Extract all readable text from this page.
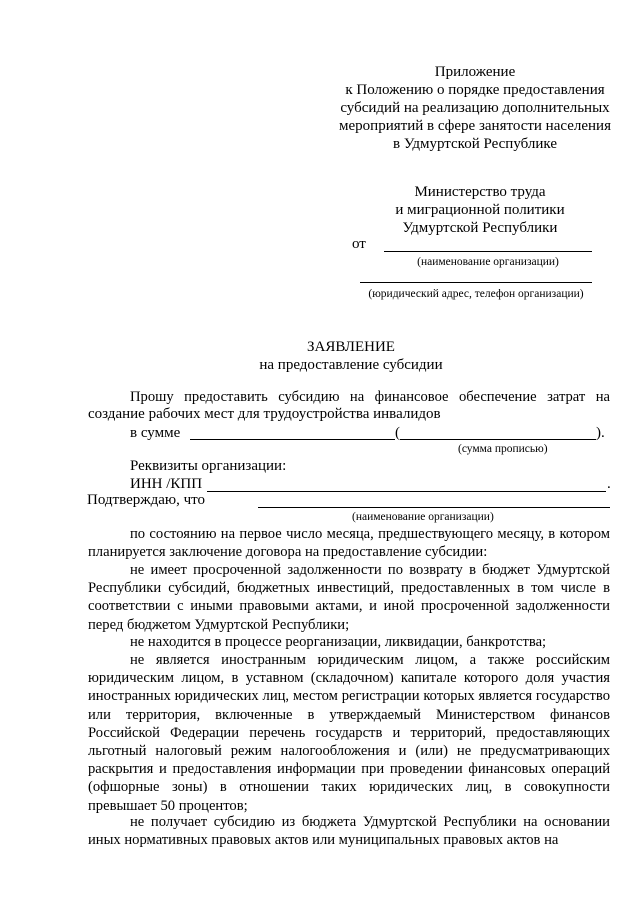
Приложение
к Положению о порядке предоставления
субсидий на реализацию дополнительных
мероприятий в сфере занятости населения
в Удмуртской Республике
Министерство труда
и миграционной политики
Удмуртской Республики
от
(наименование организации)
(юридический адрес, телефон организации)
ЗАЯВЛЕНИЕ
на предоставление субсидии
Прошу предоставить субсидию на финансовое обеспечение затрат на
создание рабочих мест для трудоустройства инвалидов
в сумме	(	).
(сумма прописью)
Реквизиты организации:
ИНН /КПП	.
Подтверждаю, что
(наименование организации)

по состоянию на первое число месяца, предшествующего месяцу, в котором планируется заключение договора на предоставление субсидии:

не имеет просроченной задолженности по возврату в бюджет Удмуртской Республики субсидий, бюджетных инвестиций, предоставленных в том числе в соответствии с иными правовыми актами, и иной просроченной задолженности перед бюджетом Удмуртской Республики;

не находится в процессе реорганизации, ликвидации, банкротства;

не является иностранным юридическим лицом, а также российским юридическим лицом, в уставном (складочном) капитале которого доля участия иностранных юридических лиц, местом регистрации которых является государство или территория, включенные в утверждаемый Министерством финансов Российской Федерации перечень государств и территорий, предоставляющих льготный налоговый режим налогообложения и (или) не предусматривающих раскрытия и предоставления информации при проведении финансовых операций (офшорные зоны) в отношении таких юридических лиц, в совокупности превышает 50 процентов;

не получает субсидию из бюджета Удмуртской Республики на основании иных нормативных правовых актов или муниципальных правовых актов на
